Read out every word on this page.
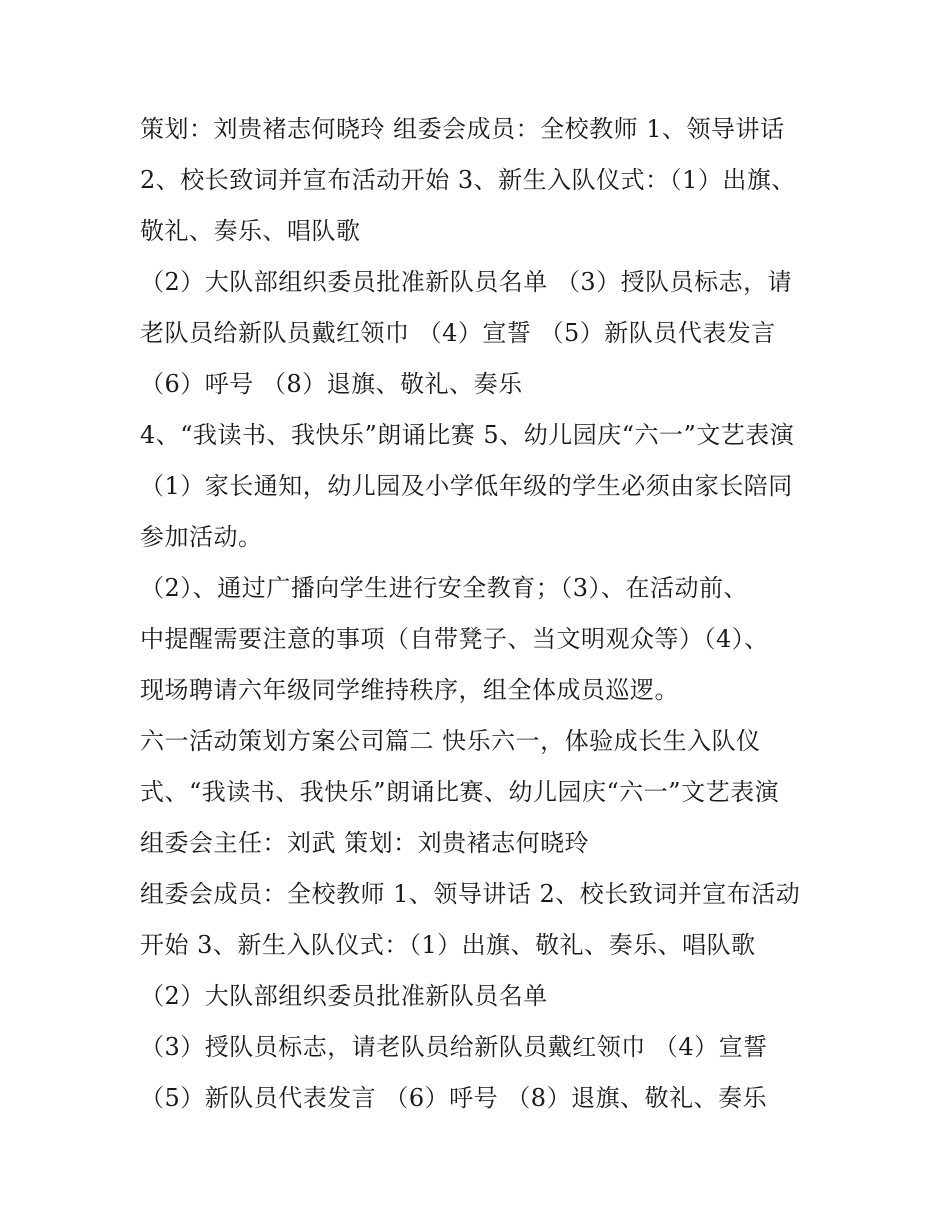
策划：刘贵褚志何晓玲 组委会成员：全校教师 1、领导讲话
2、校长致词并宣布活动开始 3、新生入队仪式：（1）出旗、
敬礼、奏乐、唱队歌
（2）大队部组织委员批准新队员名单 （3）授队员标志，请
老队员给新队员戴红领巾 （4）宣誓 （5）新队员代表发言
（6）呼号 （8）退旗、敬礼、奏乐
4、“我读书、我快乐”朗诵比赛 5、幼儿园庆“六一”文艺表演
（1）家长通知，幼儿园及小学低年级的学生必须由家长陪同
参加活动。
（2）、通过广播向学生进行安全教育；（3）、在活动前、
中提醒需要注意的事项（自带凳子、当文明观众等）（4）、
现场聘请六年级同学维持秩序，组全体成员巡逻。
六一活动策划方案公司篇二 快乐六一，体验成长生入队仪
式、“我读书、我快乐”朗诵比赛、幼儿园庆“六一”文艺表演
组委会主任：刘武 策划：刘贵褚志何晓玲
组委会成员：全校教师 1、领导讲话 2、校长致词并宣布活动
开始 3、新生入队仪式：（1）出旗、敬礼、奏乐、唱队歌
（2）大队部组织委员批准新队员名单
（3）授队员标志，请老队员给新队员戴红领巾 （4）宣誓
（5）新队员代表发言 （6）呼号 （8）退旗、敬礼、奏乐
